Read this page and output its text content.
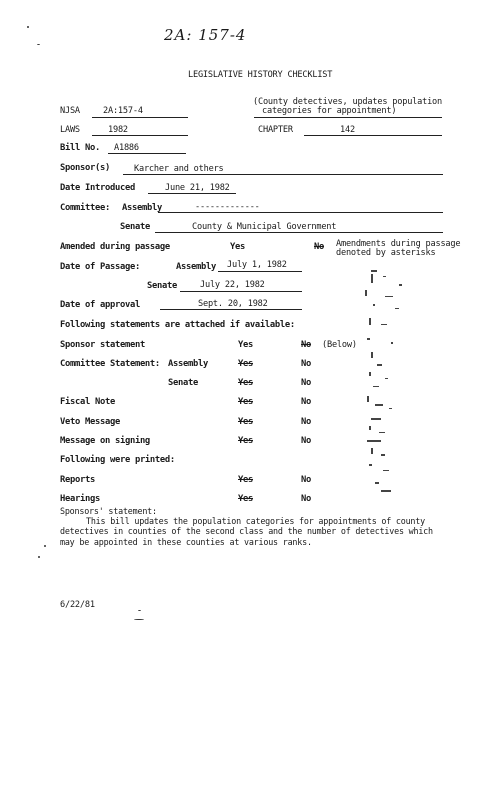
2A: 157-4
LEGISLATIVE HISTORY CHECKLIST
NJSA	2A:157-4
(County detectives, updates population
categories for appointment)
LAWS	1982	CHAPTER	142
Bill No. A1886
Sponsor(s)	Karcher and others
Date Introduced	June 21, 1982
Committee: Assembly	-------------
Senate	County & Municipal Government
Amended during passage	Yes	No Amendments during passage
denoted by asterisks
Date of Passage:	Assembly July 1, 1982
Senate	July 22, 1982
Date of approval	Sept. 20, 1982
Following statements are attached if available:
Sponsor statement	Yes	No (Below)
Committee Statement: Assembly	Yes	No
Senate	Yes	No
Fiscal Note	Yes	No
Veto Message	Yes	No
Message on signing	Yes	No
Following were printed:
Reports	Yes	No
Hearings	Yes	No
Sponsors' statement:
This bill updates the population categories for appointments of county
detectives in counties of the second class and the number of detectives which
may be appointed in these counties at various ranks.
6/22/81
